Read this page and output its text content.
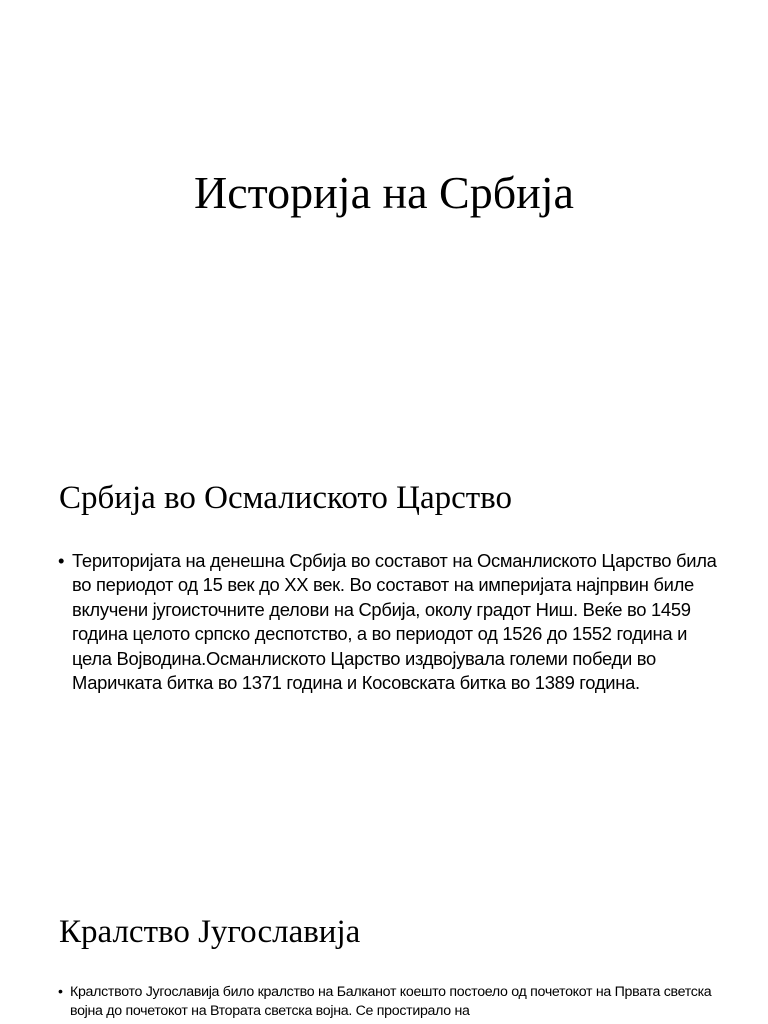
Историја на Србија
Србија во Осмалиското Царство
• Територијата на денешна Србија во составот на Османлиското Царство била во периодот од 15 век до XX век. Во составот на империјата најпрвин биле вклучени југоисточните делови на Србија, околу градот Ниш. Веќе во 1459 година целото српско деспотство, а во периодот од 1526 до 1552 година и цела Војводина.Османлиското Царство издвојувала големи победи во Маричката битка во 1371 година и Косовската битка во 1389 година.
Кралство Југославија
• Кралството Југославија било кралство на Балканот коешто постоело од почетокот на Првата светска војна до почетокот на Втората светска војна. Се простирало на
